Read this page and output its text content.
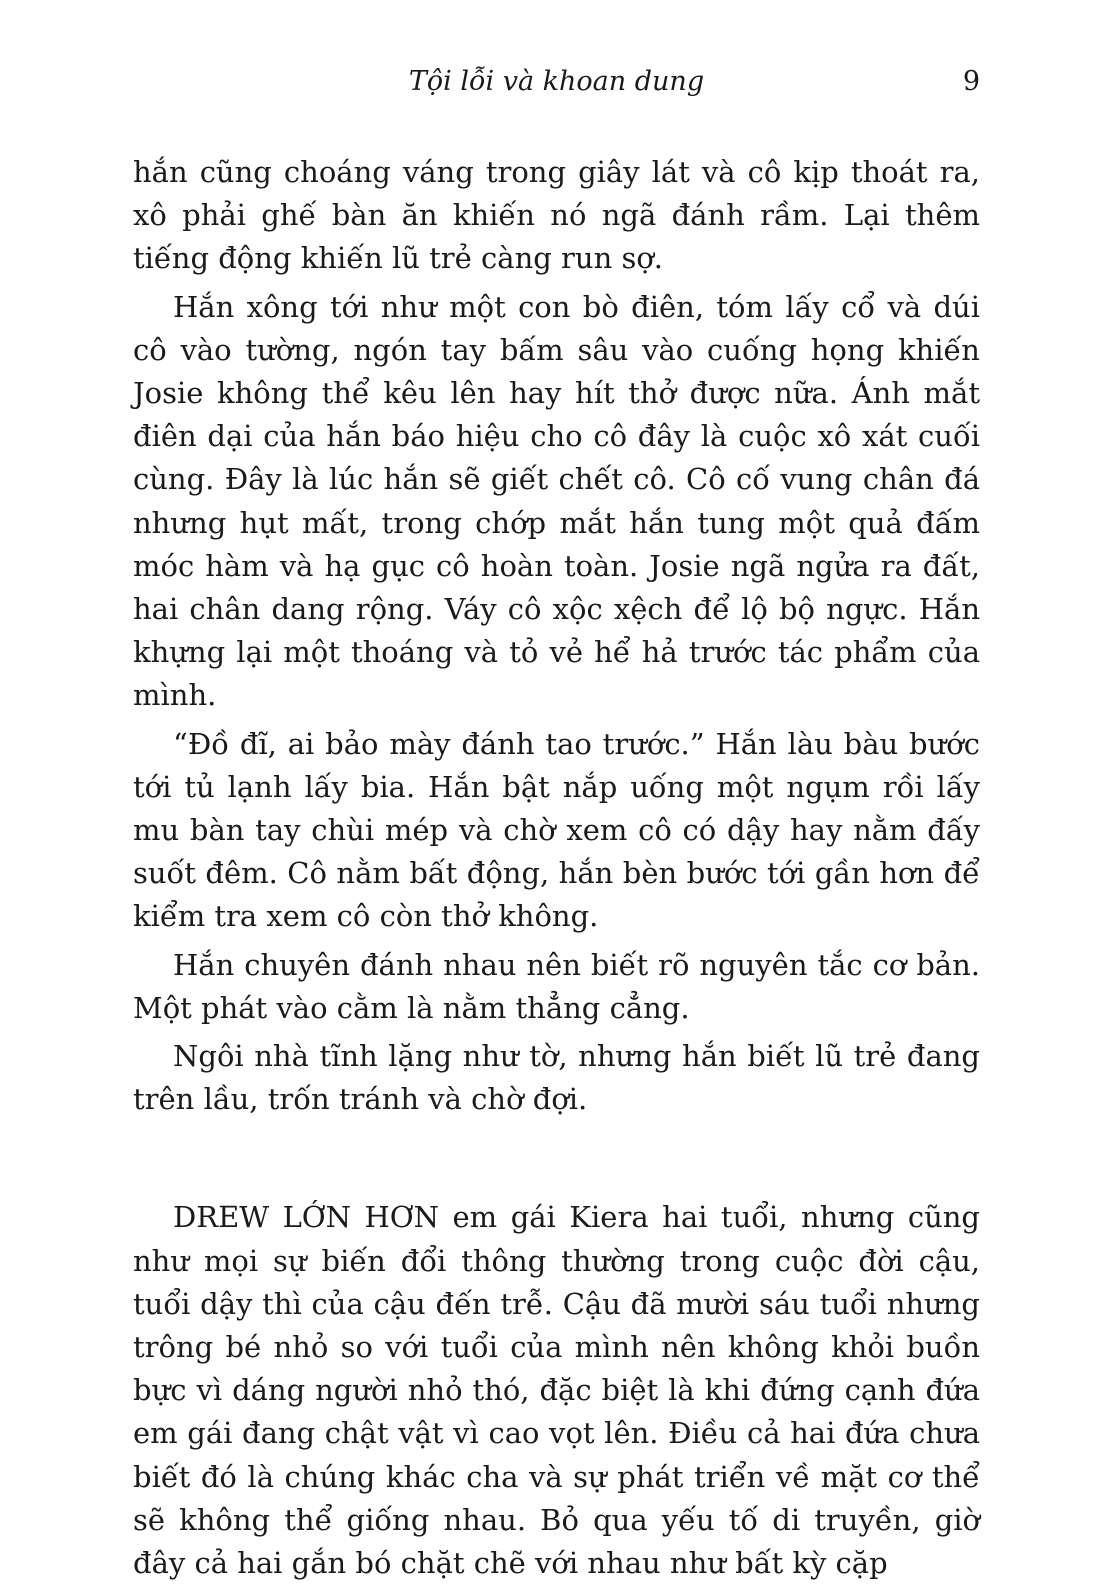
Tội lỗi và khoan dung	9

hắn cũng choáng váng trong giây lát và cô kịp thoát ra, xô phải ghế bàn ăn khiến nó ngã đánh rầm. Lại thêm tiếng động khiến lũ trẻ càng run sợ.

Hắn xông tới như một con bò điên, tóm lấy cổ và dúi cô vào tường, ngón tay bấm sâu vào cuống họng khiến Josie không thể kêu lên hay hít thở được nữa. Ánh mắt điên dại của hắn báo hiệu cho cô đây là cuộc xô xát cuối cùng. Đây là lúc hắn sẽ giết chết cô. Cô cố vung chân đá nhưng hụt mất, trong chớp mắt hắn tung một quả đấm móc hàm và hạ gục cô hoàn toàn. Josie ngã ngửa ra đất, hai chân dang rộng. Váy cô xộc xệch để lộ bộ ngực. Hắn khựng lại một thoáng và tỏ vẻ hể hả trước tác phẩm của mình.

“Đồ đĩ, ai bảo mày đánh tao trước.” Hắn làu bàu bước tới tủ lạnh lấy bia. Hắn bật nắp uống một ngụm rồi lấy mu bàn tay chùi mép và chờ xem cô có dậy hay nằm đấy suốt đêm. Cô nằm bất động, hắn bèn bước tới gần hơn để kiểm tra xem cô còn thở không.

Hắn chuyên đánh nhau nên biết rõ nguyên tắc cơ bản. Một phát vào cằm là nằm thẳng cẳng.

Ngôi nhà tĩnh lặng như tờ, nhưng hắn biết lũ trẻ đang trên lầu, trốn tránh và chờ đợi.

DREW LỚN HƠN em gái Kiera hai tuổi, nhưng cũng như mọi sự biến đổi thông thường trong cuộc đời cậu, tuổi dậy thì của cậu đến trễ. Cậu đã mười sáu tuổi nhưng trông bé nhỏ so với tuổi của mình nên không khỏi buồn bực vì dáng người nhỏ thó, đặc biệt là khi đứng cạnh đứa em gái đang chật vật vì cao vọt lên. Điều cả hai đứa chưa biết đó là chúng khác cha và sự phát triển về mặt cơ thể sẽ không thể giống nhau. Bỏ qua yếu tố di truyền, giờ đây cả hai gắn bó chặt chẽ với nhau như bất kỳ cặp
